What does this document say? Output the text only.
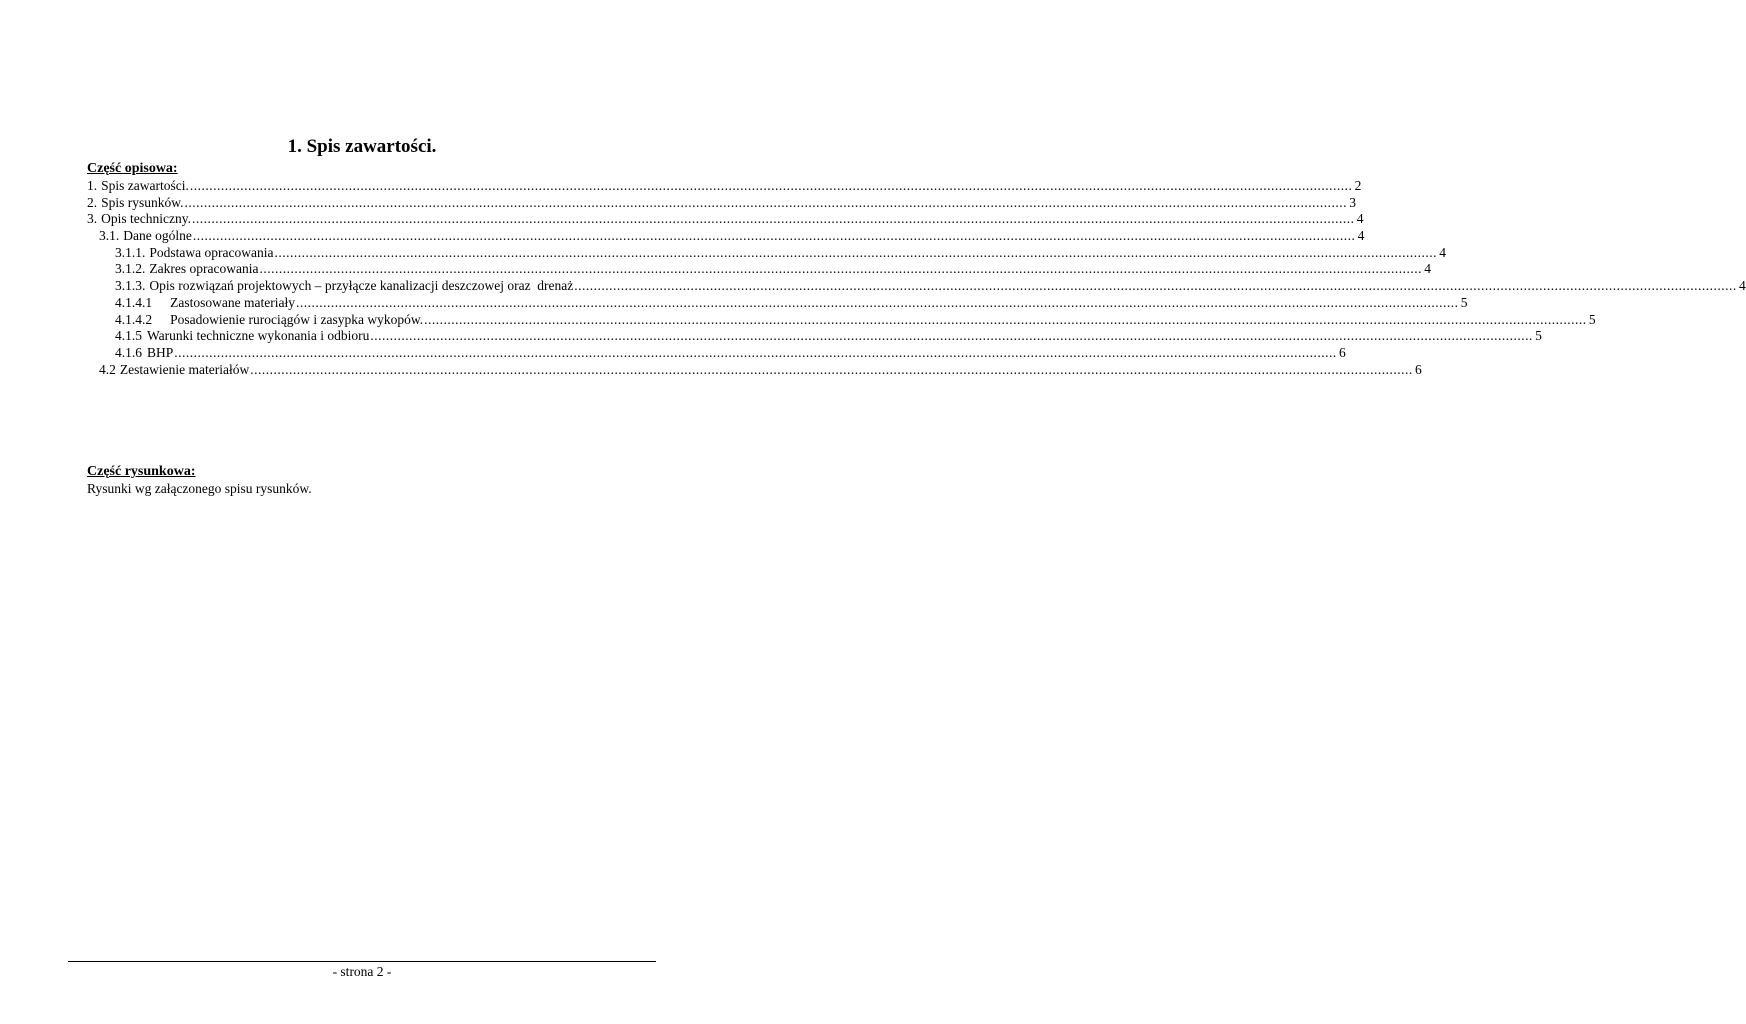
1. Spis zawartości.
Część opisowa:
1. Spis zawartości. ............................................................................................................................................................................................................................................................................................................ 2
2. Spis rysunków. ............................................................................................................................................................................................................................................................................................................ 3
3. Opis techniczny. ............................................................................................................................................................................................................................................................................................................ 4
3.1. Dane ogólne ............................................................................................................................................................................................................................................................................................................ 4
3.1.1. Podstawa opracowania ............................................................................................................................................................................................................................................................................................................ 4
3.1.2. Zakres opracowania ............................................................................................................................................................................................................................................................................................................ 4
3.1.3. Opis rozwiązań projektowych – przyłącze kanalizacji deszczowej oraz  drenaż ............................................................................................................................................................................................................................................................................................................ 4
4.1.4.1 Zastosowane materiały ............................................................................................................................................................................................................................................................................................................ 5
4.1.4.2 Posadowienie rurociągów i zasypka wykopów. ............................................................................................................................................................................................................................................................................................................ 5
4.1.5 Warunki techniczne wykonania i odbioru ............................................................................................................................................................................................................................................................................................................ 5
4.1.6 BHP ............................................................................................................................................................................................................................................................................................................ 6
4.2 Zestawienie materiałów ............................................................................................................................................................................................................................................................................................................ 6
Część rysunkowa:
Rysunki wg załączonego spisu rysunków.
- strona 2 -
